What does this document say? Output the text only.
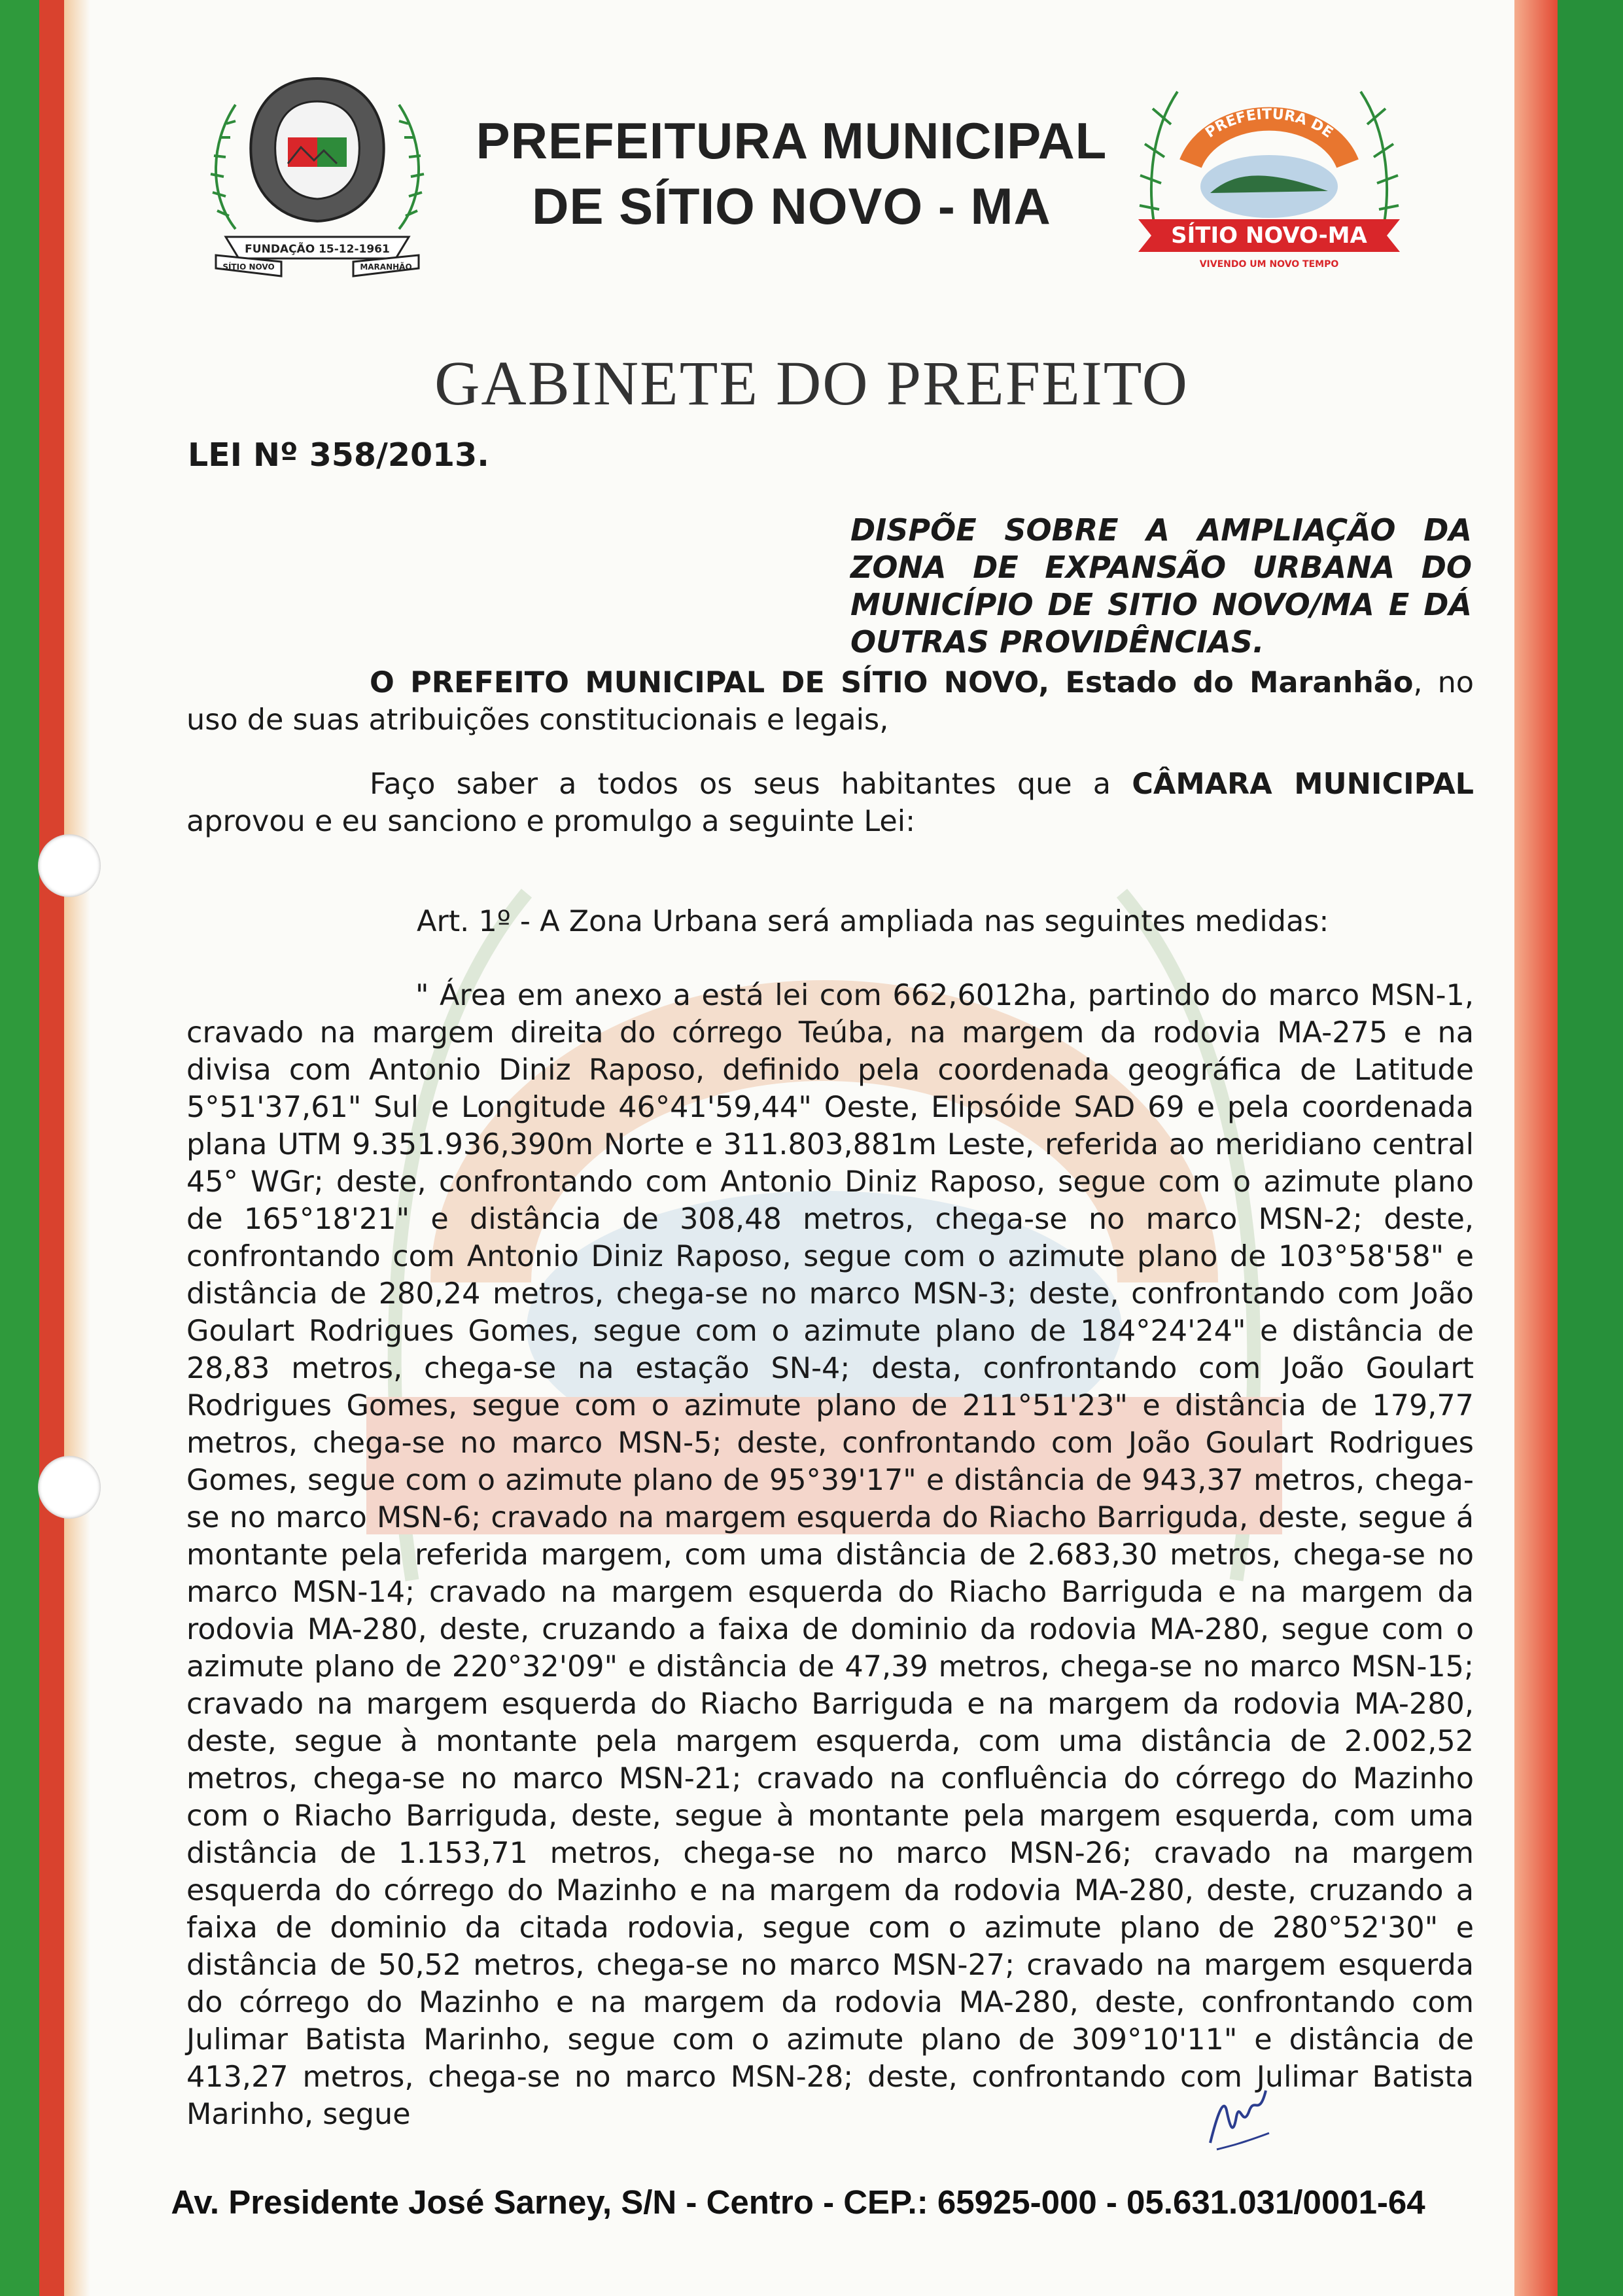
FUNDAÇÃO 15-12-1961
SÍTIO NOVO	MARANHÃO
PREFEITURA MUNICIPAL
DE SÍTIO NOVO - MA
PREFEITURA DE
SÍTIO NOVO-MA
VIVENDO UM NOVO TEMPO
GABINETE DO PREFEITO
LEI Nº 358/2013.
DISPÕE SOBRE A AMPLIAÇÃO DA ZONA DE EXPANSÃO URBANA DO MUNICÍPIO DE SITIO NOVO/MA E DÁ OUTRAS PROVIDÊNCIAS.
O PREFEITO MUNICIPAL DE SÍTIO NOVO, Estado do Maranhão, no uso de suas atribuições constitucionais e legais,
Faço saber a todos os seus habitantes que a CÂMARA MUNICIPAL aprovou e eu sanciono e promulgo a seguinte Lei:
Art. 1º - A Zona Urbana será ampliada nas seguintes medidas:
" Área em anexo a está lei com 662,6012ha, partindo do marco MSN-1, cravado na margem direita do córrego Teúba, na margem da rodovia MA-275 e na divisa com Antonio Diniz Raposo, definido pela coordenada geográfica de Latitude 5°51'37,61" Sul e Longitude 46°41'59,44" Oeste, Elipsóide SAD 69 e pela coordenada plana UTM 9.351.936,390m Norte e 311.803,881m Leste, referida ao meridiano central 45° WGr; deste, confrontando com Antonio Diniz Raposo, segue com o azimute plano de 165°18'21" e distância de 308,48 metros, chega-se no marco MSN-2; deste, confrontando com Antonio Diniz Raposo, segue com o azimute plano de 103°58'58" e distância de 280,24 metros, chega-se no marco MSN-3; deste, confrontando com João Goulart Rodrigues Gomes, segue com o azimute plano de 184°24'24" e distância de 28,83 metros, chega-se na estação SN-4; desta, confrontando com João Goulart Rodrigues Gomes, segue com o azimute plano de 211°51'23" e distância de 179,77 metros, chega-se no marco MSN-5; deste, confrontando com João Goulart Rodrigues Gomes, segue com o azimute plano de 95°39'17" e distância de 943,37 metros, chega-se no marco MSN-6; cravado na margem esquerda do Riacho Barriguda, deste, segue á montante pela referida margem, com uma distância de 2.683,30 metros, chega-se no marco MSN-14; cravado na margem esquerda do Riacho Barriguda e na margem da rodovia MA-280, deste, cruzando a faixa de dominio da rodovia MA-280, segue com o azimute plano de 220°32'09" e distância de 47,39 metros, chega-se no marco MSN-15; cravado na margem esquerda do Riacho Barriguda e na margem da rodovia MA-280, deste, segue à montante pela margem esquerda, com uma distância de 2.002,52 metros, chega-se no marco MSN-21; cravado na confluência do córrego do Mazinho com o Riacho Barriguda, deste, segue à montante pela margem esquerda, com uma distância de 1.153,71 metros, chega-se no marco MSN-26; cravado na margem esquerda do córrego do Mazinho e na margem da rodovia MA-280, deste, cruzando a faixa de dominio da citada rodovia, segue com o azimute plano de 280°52'30" e distância de 50,52 metros, chega-se no marco MSN-27; cravado na margem esquerda do córrego do Mazinho e na margem da rodovia MA-280, deste, confrontando com Julimar Batista Marinho, segue com o azimute plano de 309°10'11" e distância de 413,27 metros, chega-se no marco MSN-28; deste, confrontando com Julimar Batista Marinho, segue
Av. Presidente José Sarney, S/N - Centro - CEP.: 65925-000 - 05.631.031/0001-64
